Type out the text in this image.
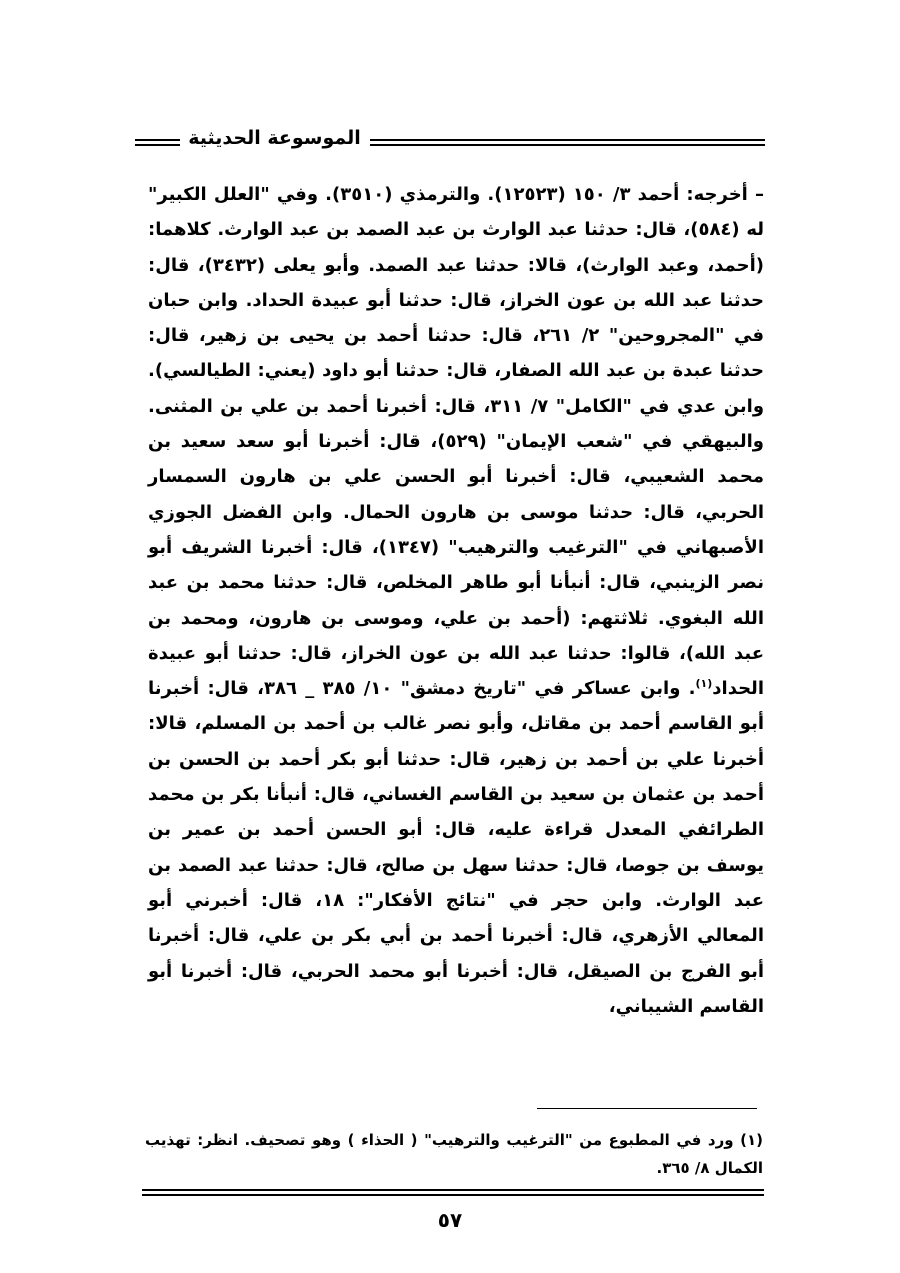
الموسوعة الحديثية

– أخرجه: أحمد ٣/ ١٥٠ (١٢٥٢٣). والترمذي (٣٥١٠). وفي "العلل الكبير" له (٥٨٤)، قال: حدثنا عبد الوارث بن عبد الصمد بن عبد الوارث. كلاهما: (أحمد، وعبد الوارث)، قالا: حدثنا عبد الصمد. وأبو يعلى (٣٤٣٢)، قال: حدثنا عبد الله بن عون الخراز، قال: حدثنا أبو عبيدة الحداد. وابن حبان في "المجروحين" ٢/ ٢٦١، قال: حدثنا أحمد بن يحيى بن زهير، قال: حدثنا عبدة بن عبد الله الصفار، قال: حدثنا أبو داود (يعني: الطيالسي). وابن عدي في "الكامل" ٧/ ٣١١، قال: أخبرنا أحمد بن علي بن المثنى. والبيهقي في "شعب الإيمان" (٥٢٩)، قال: أخبرنا أبو سعد سعيد بن محمد الشعيبي، قال: أخبرنا أبو الحسن علي بن هارون السمسار الحربي، قال: حدثنا موسى بن هارون الحمال. وابن الفضل الجوزي الأصبهاني في "الترغيب والترهيب" (١٣٤٧)، قال: أخبرنا الشريف أبو نصر الزينبي، قال: أنبأنا أبو طاهر المخلص، قال: حدثنا محمد بن عبد الله البغوي. ثلاثتهم: (أحمد بن علي، وموسى بن هارون، ومحمد بن عبد الله)، قالوا: حدثنا عبد الله بن عون الخراز، قال: حدثنا أبو عبيدة الحداد$^{(١)}$. وابن عساكر في "تاريخ دمشق" ١٠/ ٣٨٥ _ ٣٨٦، قال: أخبرنا أبو القاسم أحمد بن مقاتل، وأبو نصر غالب بن أحمد بن المسلم، قالا: أخبرنا علي بن أحمد بن زهير، قال: حدثنا أبو بكر أحمد بن الحسن بن أحمد بن عثمان بن سعيد بن القاسم الغساني، قال: أنبأنا بكر بن محمد الطرائفي المعدل قراءة عليه، قال: أبو الحسن أحمد بن عمير بن يوسف بن جوصا، قال: حدثنا سهل بن صالح، قال: حدثنا عبد الصمد بن عبد الوارث. وابن حجر في "نتائج الأفكار": ١٨، قال: أخبرني أبو المعالي الأزهري، قال: أخبرنا أحمد بن أبي بكر بن علي، قال: أخبرنا أبو الفرج بن الصيقل، قال: أخبرنا أبو محمد الحربي، قال: أخبرنا أبو القاسم الشيباني،

(١) ورد في المطبوع من "الترغيب والترهيب" ( الحذاء ) وهو تصحيف. انظر: تهذيب الكمال ٨/ ٣٦٥.

٥٧
